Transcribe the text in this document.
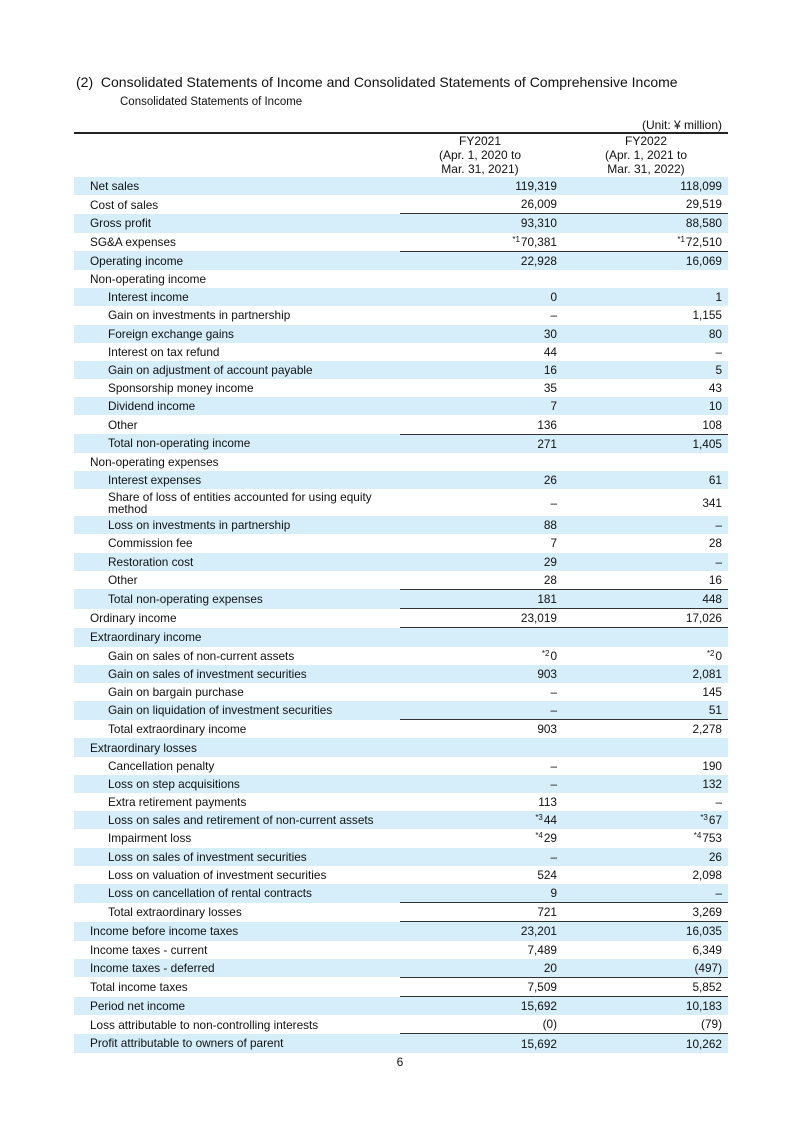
(2)  Consolidated Statements of Income and Consolidated Statements of Comprehensive Income
Consolidated Statements of Income
(Unit: ¥ million)
FY2021
(Apr. 1, 2020 to
Mar. 31, 2021)
FY2022
(Apr. 1, 2021 to
Mar. 31, 2022)
Net sales	119,319	118,099
Cost of sales	26,009	29,519
Gross profit	93,310	88,580
SG&A expenses	$^{*1}$70,381	$^{*1}$72,510
Operating income	22,928	16,069
Non-operating income		
Interest income	0	1
Gain on investments in partnership	–	1,155
Foreign exchange gains	30	80
Interest on tax refund	44	–
Gain on adjustment of account payable	16	5
Sponsorship money income	35	43
Dividend income	7	10
Other	136	108
Total non-operating income	271	1,405
Non-operating expenses		
Interest expenses	26	61
Share of loss of entities accounted for using equity method	–	341
Loss on investments in partnership	88	–
Commission fee	7	28
Restoration cost	29	–
Other	28	16
Total non-operating expenses	181	448
Ordinary income	23,019	17,026
Extraordinary income		
Gain on sales of non-current assets	$^{*2}$0	$^{*2}$0
Gain on sales of investment securities	903	2,081
Gain on bargain purchase	–	145
Gain on liquidation of investment securities	–	51
Total extraordinary income	903	2,278
Extraordinary losses		
Cancellation penalty	–	190
Loss on step acquisitions	–	132
Extra retirement payments	113	–
Loss on sales and retirement of non-current assets	$^{*3}$44	$^{*3}$67
Impairment loss	$^{*4}$29	$^{*4}$753
Loss on sales of investment securities	–	26
Loss on valuation of investment securities	524	2,098
Loss on cancellation of rental contracts	9	–
Total extraordinary losses	721	3,269
Income before income taxes	23,201	16,035
Income taxes - current	7,489	6,349
Income taxes - deferred	20	(497)
Total income taxes	7,509	5,852
Period net income	15,692	10,183
Loss attributable to non-controlling interests	(0)	(79)
Profit attributable to owners of parent	15,692	10,262
6
